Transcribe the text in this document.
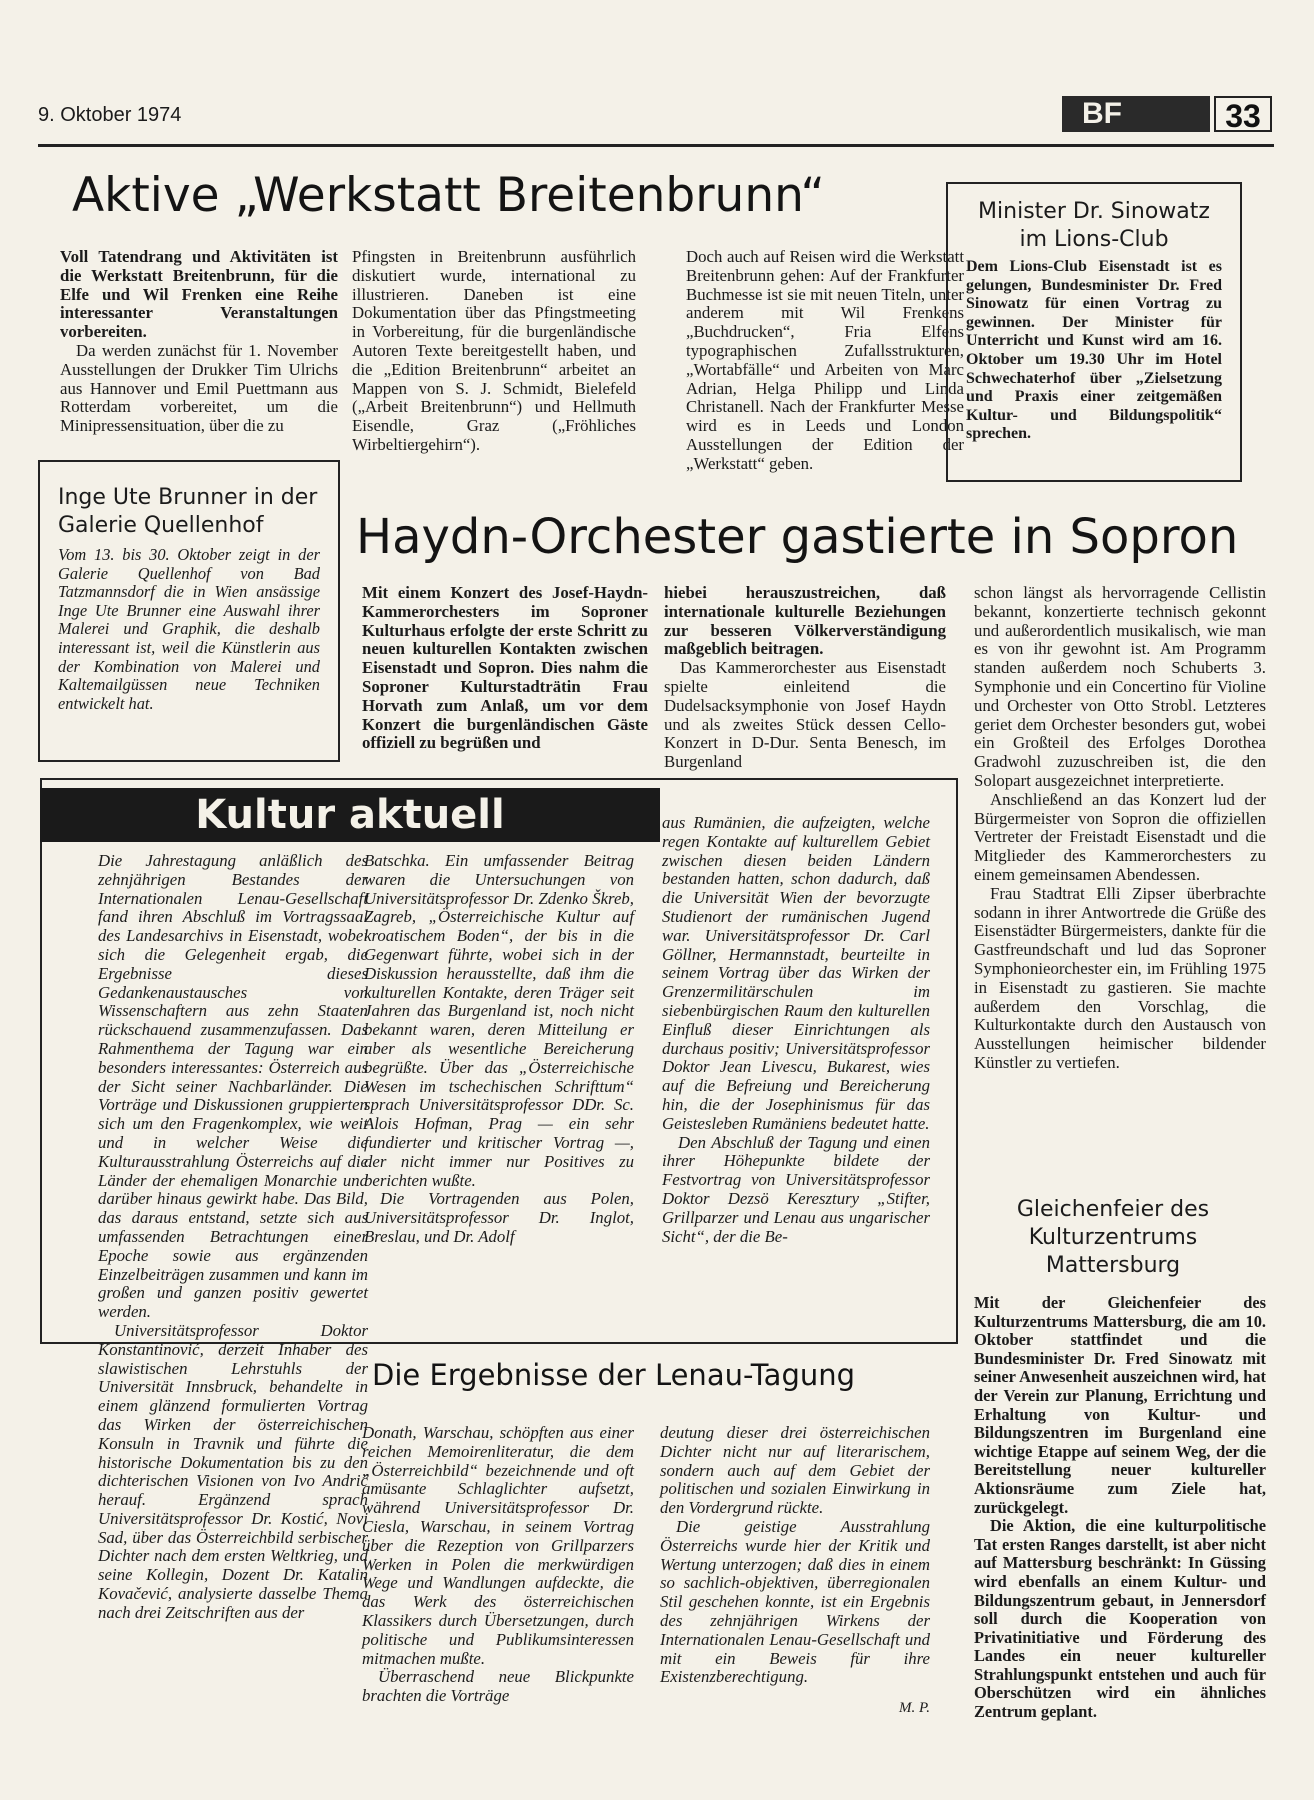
9. Oktober 1974	BF	33
Aktive „Werkstatt Breitenbrunn“

Voll Tatendrang und Aktivitäten ist die Werkstatt Breitenbrunn, für die Elfe und Wil Frenken eine Reihe interessanter Veranstaltungen vorbereiten.

Da werden zunächst für 1. November Ausstellungen der Drukker Tim Ulrichs aus Hannover und Emil Puettmann aus Rotterdam vorbereitet, um die Minipressensituation, über die zu

Pfingsten in Breitenbrunn ausführlich diskutiert wurde, international zu illustrieren. Daneben ist eine Dokumentation über das Pfingstmeeting in Vorbereitung, für die burgenländische Autoren Texte bereitgestellt haben, und die „Edition Breitenbrunn“ arbeitet an Mappen von S. J. Schmidt, Bielefeld („Arbeit Breitenbrunn“) und Hellmuth Eisendle, Graz („Fröhliches Wirbeltiergehirn“).

Doch auch auf Reisen wird die Werkstatt Breitenbrunn gehen: Auf der Frankfurter Buchmesse ist sie mit neuen Titeln, unter anderem mit Wil Frenkens „Buchdrucken“, Fria Elfens typographischen Zufallsstrukturen, „Wortabfälle“ und Arbeiten von Marc Adrian, Helga Philipp und Linda Christanell. Nach der Frankfurter Messe wird es in Leeds und London Ausstellungen der Edition der „Werkstatt“ geben.

Minister Dr. Sinowatz im Lions-Club
Dem Lions-Club Eisenstadt ist es gelungen, Bundesminister Dr. Fred Sinowatz für einen Vortrag zu gewinnen. Der Minister für Unterricht und Kunst wird am 16. Oktober um 19.30 Uhr im Hotel Schwechaterhof über „Zielsetzung und Praxis einer zeitgemäßen Kultur- und Bildungspolitik“ sprechen.
Inge Ute Brunner in der Galerie Quellenhof
Vom 13. bis 30. Oktober zeigt in der Galerie Quellenhof von Bad Tatzmannsdorf die in Wien ansässige Inge Ute Brunner eine Auswahl ihrer Malerei und Graphik, die deshalb interessant ist, weil die Künstlerin aus der Kombination von Malerei und Kaltemailgüssen neue Techniken entwickelt hat.
Haydn-Orchester gastierte in Sopron
Mit einem Konzert des Josef-Haydn-Kammerorchesters im Soproner Kulturhaus erfolgte der erste Schritt zu neuen kulturellen Kontakten zwischen Eisenstadt und Sopron. Dies nahm die Soproner Kulturstadträtin Frau Horvath zum Anlaß, um vor dem Konzert die burgenländischen Gäste offiziell zu begrüßen und

hiebei herauszustreichen, daß internationale kulturelle Beziehungen zur besseren Völkerverständigung maßgeblich beitragen.

Das Kammerorchester aus Eisenstadt spielte einleitend die Dudelsacksymphonie von Josef Haydn und als zweites Stück dessen Cello-Konzert in D-Dur. Senta Benesch, im Burgenland

schon längst als hervorragende Cellistin bekannt, konzertierte technisch gekonnt und außerordentlich musikalisch, wie man es von ihr gewohnt ist. Am Programm standen außerdem noch Schuberts 3. Symphonie und ein Concertino für Violine und Orchester von Otto Strobl. Letzteres geriet dem Orchester besonders gut, wobei ein Großteil des Erfolges Dorothea Gradwohl zuzuschreiben ist, die den Solopart ausgezeichnet interpretierte.

Anschließend an das Konzert lud der Bürgermeister von Sopron die offiziellen Vertreter der Freistadt Eisenstadt und die Mitglieder des Kammerorchesters zu einem gemeinsamen Abendessen.

Frau Stadtrat Elli Zipser überbrachte sodann in ihrer Antwortrede die Grüße des Eisenstädter Bürgermeisters, dankte für die Gastfreundschaft und lud das Soproner Symphonieorchester ein, im Frühling 1975 in Eisenstadt zu gastieren. Sie machte außerdem den Vorschlag, die Kulturkontakte durch den Austausch von Ausstellungen heimischer bildender Künstler zu vertiefen.

Kultur aktuell

Die Jahrestagung anläßlich des zehnjährigen Bestandes der Internationalen Lenau-Gesellschaft fand ihren Abschluß im Vortragssaal des Landesarchivs in Eisenstadt, wobei sich die Gelegenheit ergab, die Ergebnisse dieses Gedankenaustausches von Wissenschaftern aus zehn Staaten rückschauend zusammenzufassen. Das Rahmenthema der Tagung war ein besonders interessantes: Österreich aus der Sicht seiner Nachbarländer. Die Vorträge und Diskussionen gruppierten sich um den Fragenkomplex, wie weit und in welcher Weise die Kulturausstrahlung Österreichs auf die Länder der ehemaligen Monarchie und darüber hinaus gewirkt habe. Das Bild, das daraus entstand, setzte sich aus umfassenden Betrachtungen einer Epoche sowie aus ergänzenden Einzelbeiträgen zusammen und kann im großen und ganzen positiv gewertet werden.

Universitätsprofessor Doktor Konstantinović, derzeit Inhaber des slawistischen Lehrstuhls der Universität Innsbruck, behandelte in einem glänzend formulierten Vortrag das Wirken der österreichischen Konsuln in Travnik und führte die historische Dokumentation bis zu den dichterischen Visionen von Ivo Andrić herauf. Ergänzend sprach Universitätsprofessor Dr. Kostić, Novi Sad, über das Österreichbild serbischer Dichter nach dem ersten Weltkrieg, und seine Kollegin, Dozent Dr. Katalin Kovačević, analysierte dasselbe Thema nach drei Zeitschriften aus der

Batschka. Ein umfassender Beitrag waren die Untersuchungen von Universitätsprofessor Dr. Zdenko Škreb, Zagreb, „Österreichische Kultur auf kroatischem Boden“, der bis in die Gegenwart führte, wobei sich in der Diskussion herausstellte, daß ihm die kulturellen Kontakte, deren Träger seit Jahren das Burgenland ist, noch nicht bekannt waren, deren Mitteilung er aber als wesentliche Bereicherung begrüßte. Über das „Österreichische Wesen im tschechischen Schrifttum“ sprach Universitätsprofessor DDr. Sc. Alois Hofman, Prag — ein sehr fundierter und kritischer Vortrag —, der nicht immer nur Positives zu berichten wußte.

Die Vortragenden aus Polen, Universitätsprofessor Dr. Inglot, Breslau, und Dr. Adolf

aus Rumänien, die aufzeigten, welche regen Kontakte auf kulturellem Gebiet zwischen diesen beiden Ländern bestanden hatten, schon dadurch, daß die Universität Wien der bevorzugte Studienort der rumänischen Jugend war. Universitätsprofessor Dr. Carl Göllner, Hermannstadt, beurteilte in seinem Vortrag über das Wirken der Grenzermilitärschulen im siebenbürgischen Raum den kulturellen Einfluß dieser Einrichtungen als durchaus positiv; Universitätsprofessor Doktor Jean Livescu, Bukarest, wies auf die Befreiung und Bereicherung hin, die der Josephinismus für das Geistesleben Rumäniens bedeutet hatte.

Den Abschluß der Tagung und einen ihrer Höhepunkte bildete der Festvortrag von Universitätsprofessor Doktor Dezsö Keresztury „Stifter, Grillparzer und Lenau aus ungarischer Sicht“, der die Be-

Die Ergebnisse der Lenau-Tagung

Donath, Warschau, schöpften aus einer reichen Memoirenliteratur, die dem „Österreichbild“ bezeichnende und oft amüsante Schlaglichter aufsetzt, während Universitätsprofessor Dr. Ciesla, Warschau, in seinem Vortrag über die Rezeption von Grillparzers Werken in Polen die merkwürdigen Wege und Wandlungen aufdeckte, die das Werk des österreichischen Klassikers durch Übersetzungen, durch politische und Publikumsinteressen mitmachen mußte.

Überraschend neue Blickpunkte brachten die Vorträge

deutung dieser drei österreichischen Dichter nicht nur auf literarischem, sondern auch auf dem Gebiet der politischen und sozialen Einwirkung in den Vordergrund rückte.

Die geistige Ausstrahlung Österreichs wurde hier der Kritik und Wertung unterzogen; daß dies in einem so sachlich-objektiven, überregionalen Stil geschehen konnte, ist ein Ergebnis des zehnjährigen Wirkens der Internationalen Lenau-Gesellschaft und mit ein Beweis für ihre Existenzberechtigung.

M. P.
Gleichenfeier des Kulturzentrums Mattersburg

Mit der Gleichenfeier des Kulturzentrums Mattersburg, die am 10. Oktober stattfindet und die Bundesminister Dr. Fred Sinowatz mit seiner Anwesenheit auszeichnen wird, hat der Verein zur Planung, Errichtung und Erhaltung von Kultur- und Bildungszentren im Burgenland eine wichtige Etappe auf seinem Weg, der die Bereitstellung neuer kultureller Aktionsräume zum Ziele hat, zurückgelegt.

Die Aktion, die eine kulturpolitische Tat ersten Ranges darstellt, ist aber nicht auf Mattersburg beschränkt: In Güssing wird ebenfalls an einem Kultur- und Bildungszentrum gebaut, in Jennersdorf soll durch die Kooperation von Privatinitiative und Förderung des Landes ein neuer kultureller Strahlungspunkt entstehen und auch für Oberschützen wird ein ähnliches Zentrum geplant.
